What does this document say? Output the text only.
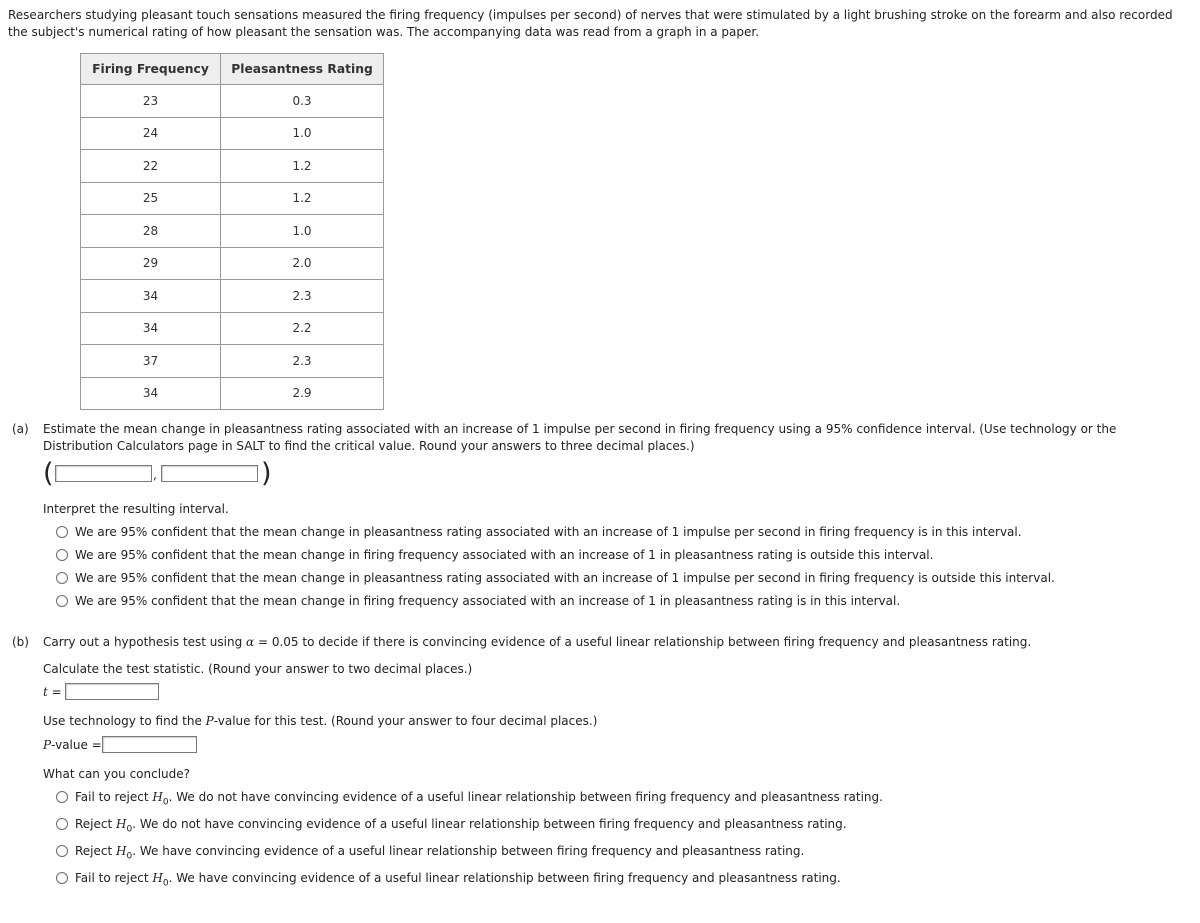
Researchers studying pleasant touch sensations measured the firing frequency (impulses per second) of nerves that were stimulated by a light brushing stroke on the forearm and also recorded the subject's numerical rating of how pleasant the sensation was. The accompanying data was read from a graph in a paper.
Firing Frequency	Pleasantness Rating
23	0.3
24	1.0
22	1.2
25	1.2
28	1.0
29	2.0
34	2.3
34	2.2
37	2.3
34	2.9
(a) Estimate the mean change in pleasantness rating associated with an increase of 1 impulse per second in firing frequency using a 95% confidence interval. (Use technology or the Distribution Calculators page in SALT to find the critical value. Round your answers to three decimal places.)
(	,	)
Interpret the resulting interval.
We are 95% confident that the mean change in pleasantness rating associated with an increase of 1 impulse per second in firing frequency is in this interval.
We are 95% confident that the mean change in firing frequency associated with an increase of 1 in pleasantness rating is outside this interval.
We are 95% confident that the mean change in pleasantness rating associated with an increase of 1 impulse per second in firing frequency is outside this interval.
We are 95% confident that the mean change in firing frequency associated with an increase of 1 in pleasantness rating is in this interval.
(b) Carry out a hypothesis test using α = 0.05 to decide if there is convincing evidence of a useful linear relationship between firing frequency and pleasantness rating.
Calculate the test statistic. (Round your answer to two decimal places.)
t =
Use technology to find the P-value for this test. (Round your answer to four decimal places.)
P-value =
What can you conclude?
Fail to reject $H_0$. We do not have convincing evidence of a useful linear relationship between firing frequency and pleasantness rating.
Reject $H_0$. We do not have convincing evidence of a useful linear relationship between firing frequency and pleasantness rating.
Reject $H_0$. We have convincing evidence of a useful linear relationship between firing frequency and pleasantness rating.
Fail to reject $H_0$. We have convincing evidence of a useful linear relationship between firing frequency and pleasantness rating.
